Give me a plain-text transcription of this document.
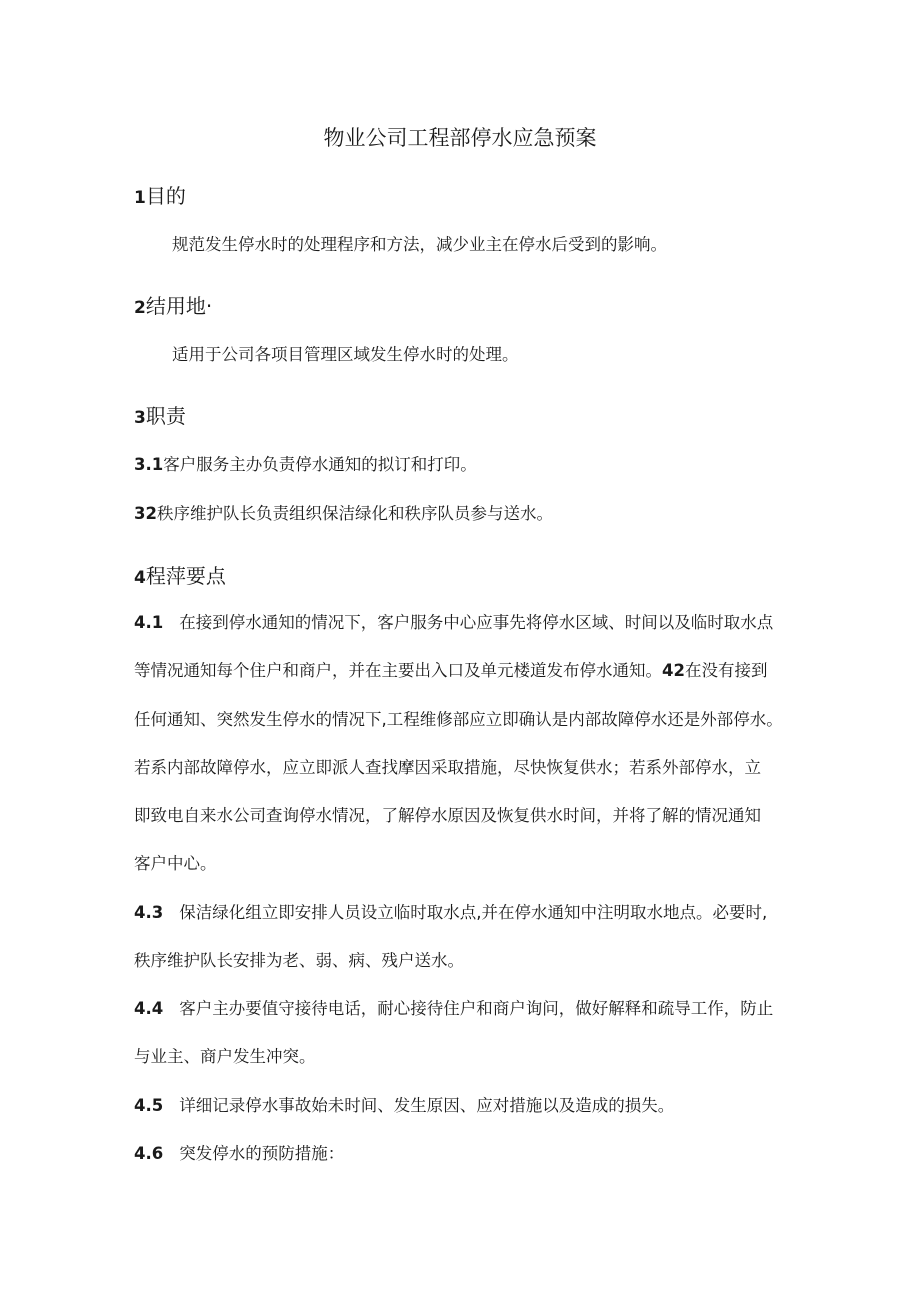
物业公司工程部停水应急预案
1目的
规范发生停水时的处理程序和方法，减少业主在停水后受到的影响。
2结用地·
适用于公司各项目管理区域发生停水时的处理。
3职责
3.1客户服务主办负责停水通知的拟订和打印。
32秩序维护队长负责组织保洁绿化和秩序队员参与送水。
4程萍要点
4.1 在接到停水通知的情况下，客户服务中心应事先将停水区域、时间以及临时取水点
等情况通知每个住户和商户，并在主要出入口及单元楼道发布停水通知。42在没有接到
任何通知、突然发生停水的情况下,工程维修部应立即确认是内部故障停水还是外部停水。
若系内部故障停水，应立即派人查找摩因采取措施，尽快恢复供水；若系外部停水，立
即致电自来水公司查询停水情况，了解停水原因及恢复供水时间，并将了解的情况通知
客户中心。
4.3 保洁绿化组立即安排人员设立临时取水点,并在停水通知中注明取水地点。必要时,
秩序维护队长安排为老、弱、病、残户送水。
4.4 客户主办要值守接待电话，耐心接待住户和商户询问，做好解释和疏导工作，防止
与业主、商户发生冲突。
4.5 详细记录停水事故始未时间、发生原因、应对措施以及造成的损失。
4.6 突发停水的预防措施：
